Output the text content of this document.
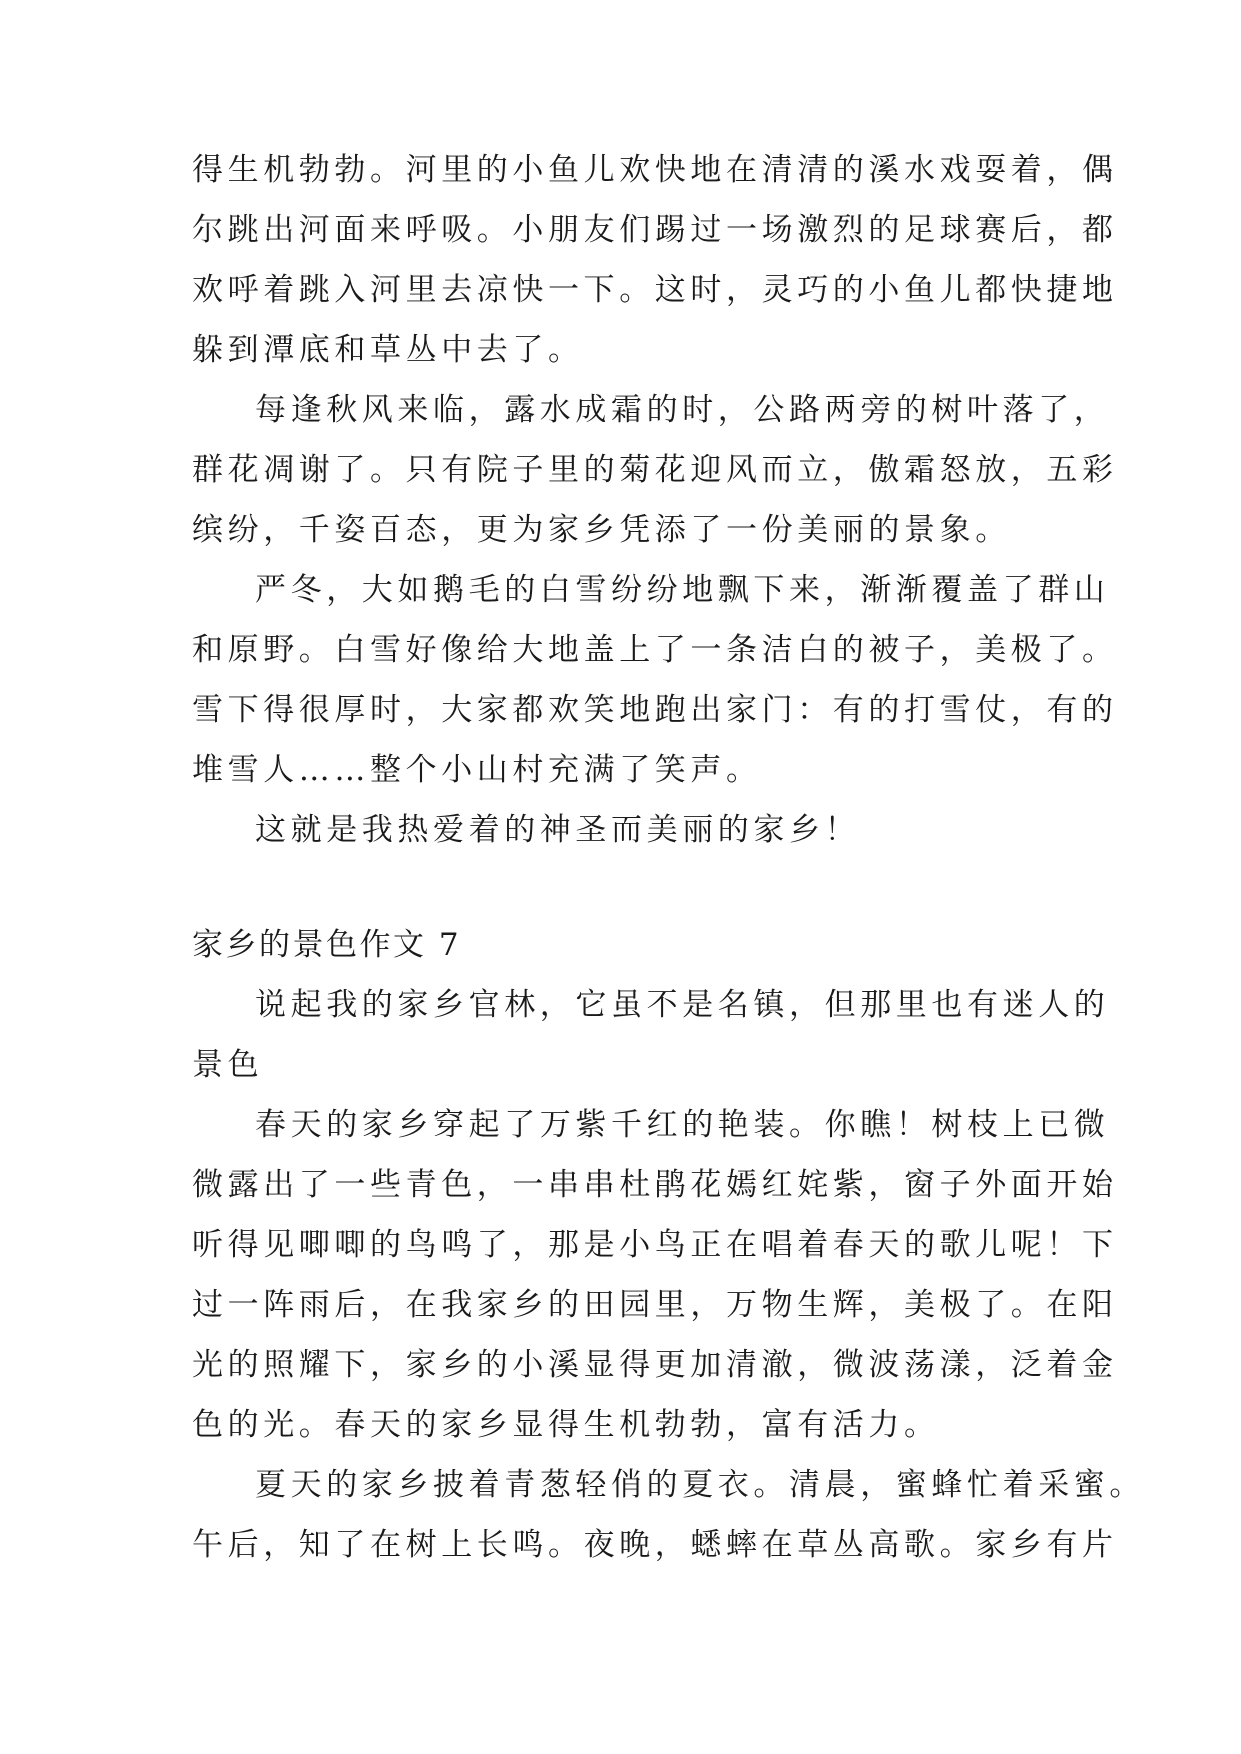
得生机勃勃。河里的小鱼儿欢快地在清清的溪水戏耍着，偶

尔跳出河面来呼吸。小朋友们踢过一场激烈的足球赛后，都

欢呼着跳入河里去凉快一下。这时，灵巧的小鱼儿都快捷地

躲到潭底和草丛中去了。

每逢秋风来临，露水成霜的时，公路两旁的树叶落了，

群花凋谢了。只有院子里的菊花迎风而立，傲霜怒放，五彩

缤纷，千姿百态，更为家乡凭添了一份美丽的景象。

严冬，大如鹅毛的白雪纷纷地飘下来，渐渐覆盖了群山

和原野。白雪好像给大地盖上了一条洁白的被子，美极了。

雪下得很厚时，大家都欢笑地跑出家门：有的打雪仗，有的

堆雪人……整个小山村充满了笑声。

这就是我热爱着的神圣而美丽的家乡！

家乡的景色作文 7

说起我的家乡官林，它虽不是名镇，但那里也有迷人的

景色

春天的家乡穿起了万紫千红的艳装。你瞧！树枝上已微

微露出了一些青色，一串串杜鹃花嫣红姹紫，窗子外面开始

听得见唧唧的鸟鸣了，那是小鸟正在唱着春天的歌儿呢！下

过一阵雨后，在我家乡的田园里，万物生辉，美极了。在阳

光的照耀下，家乡的小溪显得更加清澈，微波荡漾，泛着金

色的光。春天的家乡显得生机勃勃，富有活力。

夏天的家乡披着青葱轻俏的夏衣。清晨，蜜蜂忙着采蜜。

午后，知了在树上长鸣。夜晚，蟋蟀在草丛高歌。家乡有片
